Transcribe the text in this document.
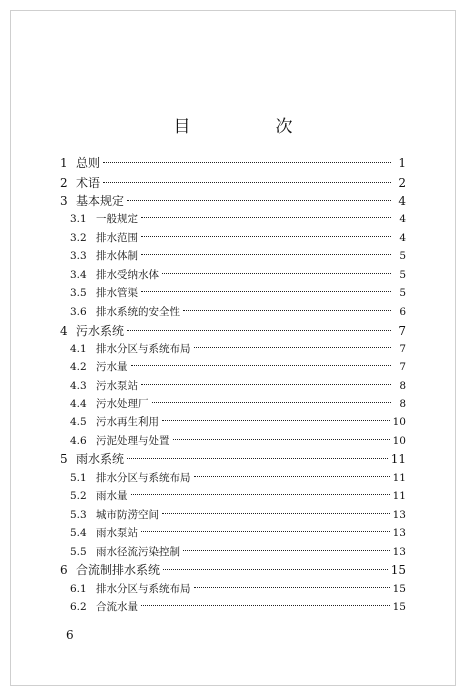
目　次
1 总则	1
2 术语	2
3 基本规定	4
3.1 一般规定	4
3.2 排水范围	4
3.3 排水体制	5
3.4 排水受纳水体	5
3.5 排水管渠	5
3.6 排水系统的安全性	6
4 污水系统	7
4.1 排水分区与系统布局	7
4.2 污水量	7
4.3 污水泵站	8
4.4 污水处理厂	8
4.5 污水再生利用	10
4.6 污泥处理与处置	10
5 雨水系统	11
5.1 排水分区与系统布局	11
5.2 雨水量	11
5.3 城市防涝空间	13
5.4 雨水泵站	13
5.5 雨水径流污染控制	13
6 合流制排水系统	15
6.1 排水分区与系统布局	15
6.2 合流水量	15
6
